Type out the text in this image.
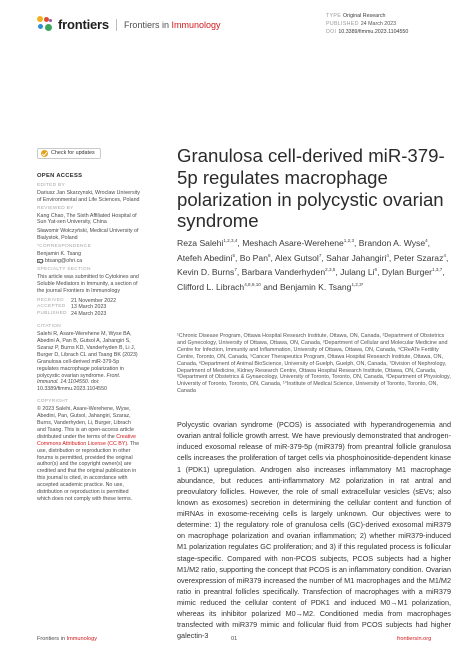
frontiers Frontiers in Immunology
TYPE Original Research
PUBLISHED 24 March 2023
DOI 10.3389/fimmu.2023.1104550
Check for updates
OPEN ACCESS
EDITED BY
Dariusz Jan Skarzynski, Wroclaw University of Environmental and Life Sciences, Poland
REVIEWED BY
Kang Chao, The Sixth Affiliated Hospital of Sun Yat-sen University, China
Sławomir Wołczyński, Medical University of Bialystok, Poland
*CORRESPONDENCE
Benjamin K. Tsang
btsang@ohri.ca
SPECIALTY SECTION
This article was submitted to Cytokines and Soluble Mediators in Immunity, a section of the journal Frontiers in Immunology
RECEIVED	21 November 2022
ACCEPTED	13 March 2023
PUBLISHED 24 March 2023
CITATION
Salehi R, Asare-Werehene M, Wyse BA, Abedini A, Pan B, Gutsol A, Jahangiri S, Szaraz P, Burns KD, Vanderhyden B, Li J, Burger D, Librach CL and Tsang BK (2023) Granulosa cell-derived miR-379-5p regulates macrophage polarization in polycystic ovarian syndrome. Front. Immunol. 14:1104550. doi: 10.3389/fimmu.2023.1104550
COPYRIGHT
© 2023 Salehi, Asare-Werehene, Wyse, Abedini, Pan, Gutsol, Jahangiri, Szaraz, Burns, Vanderhyden, Li, Burger, Librach and Tsang. This is an open-access article distributed under the terms of the Creative Commons Attribution License (CC BY). The use, distribution or reproduction in other forums is permitted, provided the original author(s) and the copyright owner(s) are credited and that the original publication in this journal is cited, in accordance with accepted academic practice. No use, distribution or reproduction is permitted which does not comply with these terms.
Granulosa cell-derived miR-379-5p regulates macrophage polarization in polycystic ovarian syndrome
Reza Salehi$^{1,2,3,4}$, Meshach Asare-Werehene$^{1,2,3}$, Brandon A. Wyse$^4$, Atefeh Abedini$^5$, Bo Pan$^6$, Alex Gutsol$^7$, Sahar Jahangiri$^4$, Peter Szaraz$^4$, Kevin D. Burns$^7$, Barbara Vanderhyden$^{2,3,5}$, Julang Li$^6$, Dylan Burger$^{1,3,7}$, Clifford L. Librach$^{4,8,9,10}$ and Benjamin K. Tsang$^{1,2,3*}$
¹Chronic Disease Program, Ottawa Hospital Research Institute, Ottawa, ON, Canada, ²Department of Obstetrics and Gynecology, University of Ottawa, Ottawa, ON, Canada, ³Department of Cellular and Molecular Medicine and Centre for Infection, Immunity and Inflammation, University of Ottawa, Ottawa, ON, Canada, ⁴CReATe Fertility Centre, Toronto, ON, Canada, ⁵Cancer Therapeutics Program, Ottawa Hospital Research Institute, Ottawa, ON, Canada, ⁶Department of Animal BioScience, University of Guelph, Guelph, ON, Canada, ⁷Division of Nephrology, Department of Medicine, Kidney Research Centre, Ottawa Hospital Research Institute, Ottawa, ON, Canada, ⁸Department of Obstetrics & Gynaecology, University of Toronto, Toronto, ON, Canada, ⁹Department of Physiology, University of Toronto, Toronto, ON, Canada, ¹⁰Institute of Medical Science, University of Toronto, Toronto, ON, Canada
Polycystic ovarian syndrome (PCOS) is associated with hyperandrogenemia and ovarian antral follicle growth arrest. We have previously demonstrated that androgen-induced exosomal release of miR-379-5p (miR379) from preantral follicle granulosa cells increases the proliferation of target cells via phosphoinositide-dependent kinase 1 (PDK1) upregulation. Androgen also increases inflammatory M1 macrophage abundance, but reduces anti-inflammatory M2 polarization in rat antral and preovulatory follicles. However, the role of small extracellular vesicles (sEVs; also known as exosomes) secretion in determining the cellular content and function of miRNAs in exosome-receiving cells is largely unknown. Our objectives were to determine: 1) the regulatory role of granulosa cells (GC)-derived exosomal miR379 on macrophage polarization and ovarian inflammation; 2) whether miR379-induced M1 polarization regulates GC proliferation; and 3) if this regulated process is follicular stage-specific. Compared with non-PCOS subjects, PCOS subjects had a higher M1/M2 ratio, supporting the concept that PCOS is an inflammatory condition. Ovarian overexpression of miR379 increased the number of M1 macrophages and the M1/M2 ratio in preantral follicles specifically. Transfection of macrophages with a miR379 mimic reduced the cellular content of PDK1 and induced M0→M1 polarization, whereas its inhibitor polarized M0→M2. Conditioned media from macrophages transfected with miR379 mimic and follicular fluid from PCOS subjects had higher galectin-3
Frontiers in Immunology	01	frontiersin.org
